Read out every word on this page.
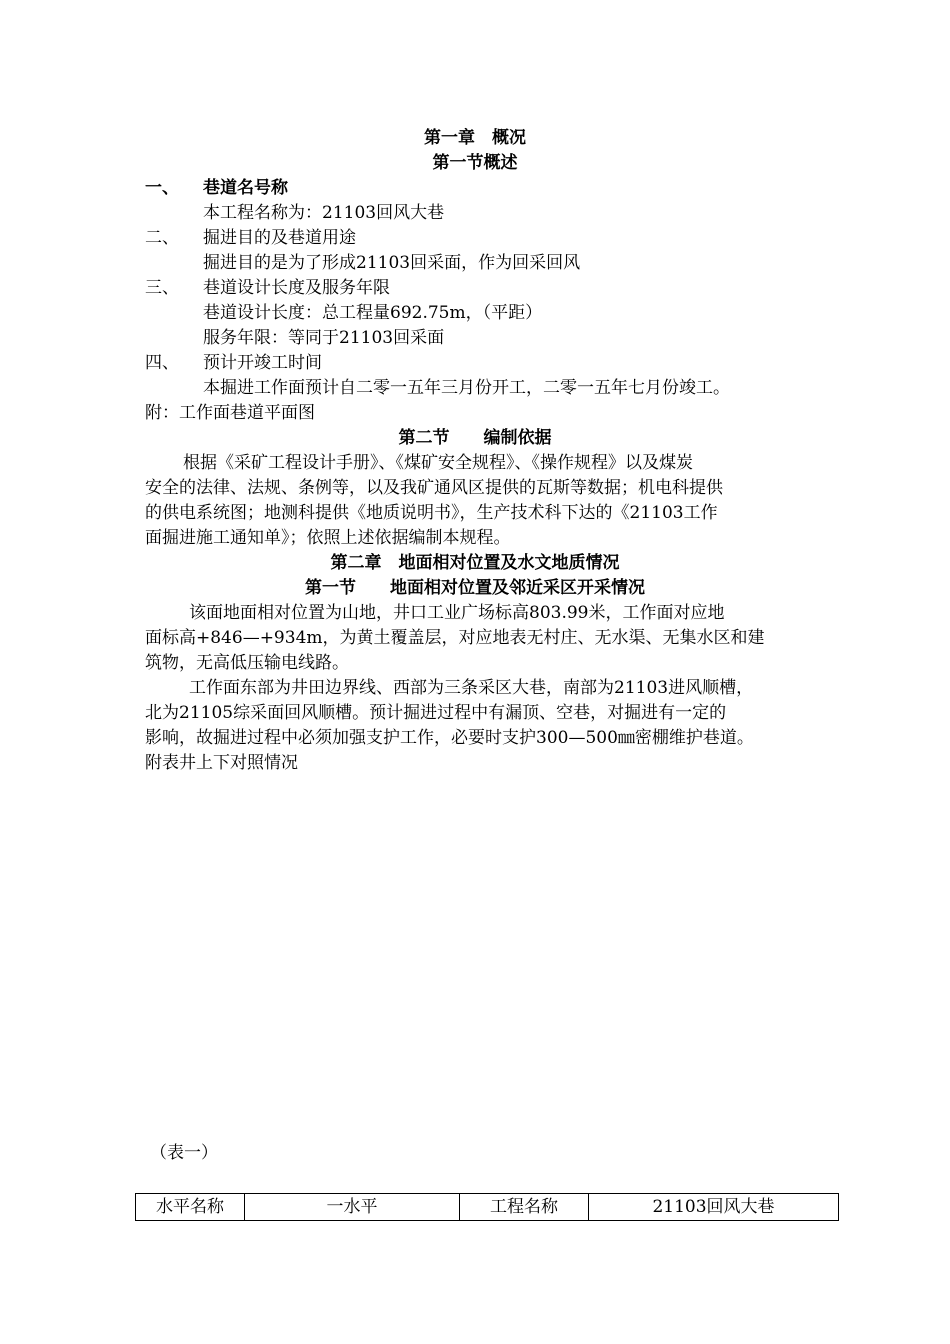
第一章　概况
第一节概述
一、 巷道名号称
本工程名称为：21103回风大巷
二、 掘进目的及巷道用途
掘进目的是为了形成21103回采面，作为回采回风
三、 巷道设计长度及服务年限
巷道设计长度：总工程量692.75m，（平距）
服务年限：等同于21103回采面
四、 预计开竣工时间
本掘进工作面预计自二零一五年三月份开工，二零一五年七月份竣工。
附：工作面巷道平面图
第二节　　编制依据
根据《采矿工程设计手册》、《煤矿安全规程》、《操作规程》以及煤炭
安全的法律、法规、条例等，以及我矿通风区提供的瓦斯等数据；机电科提供
的供电系统图；地测科提供《地质说明书》，生产技术科下达的《21103工作
面掘进施工通知单》；依照上述依据编制本规程。
第二章　地面相对位置及水文地质情况
第一节　　地面相对位置及邻近采区开采情况
该面地面相对位置为山地，井口工业广场标高803.99米，工作面对应地
面标高+846—+934m，为黄土覆盖层，对应地表无村庄、无水渠、无集水区和建
筑物，无高低压输电线路。
工作面东部为井田边界线、西部为三条采区大巷，南部为21103进风顺槽，
北为21105综采面回风顺槽。预计掘进过程中有漏顶、空巷，对掘进有一定的
影响，故掘进过程中必须加强支护工作，必要时支护300—500㎜密棚维护巷道。
附表井上下对照情况
（表一）
水平名称	一水平	工程名称	21103回风大巷
